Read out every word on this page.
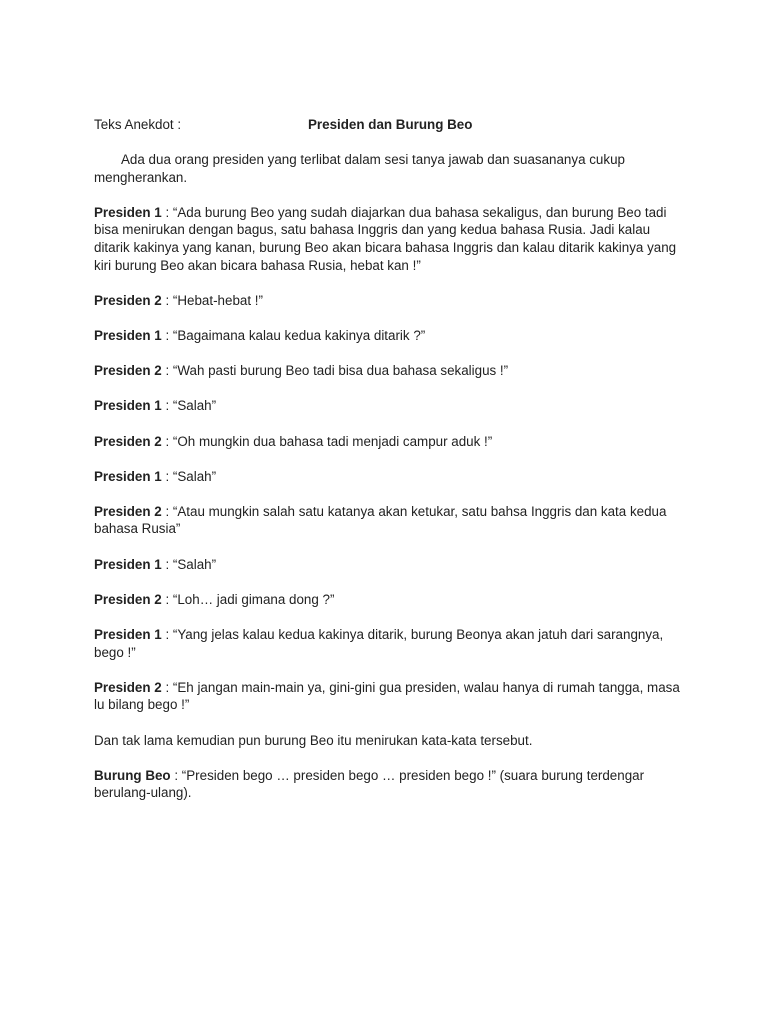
Teks Anekdot :	Presiden dan Burung Beo

Ada dua orang presiden yang terlibat dalam sesi tanya jawab dan suasananya cukup mengherankan.

Presiden 1 : “Ada burung Beo yang sudah diajarkan dua bahasa sekaligus, dan burung Beo tadi bisa menirukan dengan bagus, satu bahasa Inggris dan yang kedua bahasa Rusia. Jadi kalau ditarik kakinya yang kanan, burung Beo akan bicara bahasa Inggris dan kalau ditarik kakinya yang kiri burung Beo akan bicara bahasa Rusia, hebat kan !”

Presiden 2 : “Hebat-hebat !”

Presiden 1 : “Bagaimana kalau kedua kakinya ditarik ?”

Presiden 2 : “Wah pasti burung Beo tadi bisa dua bahasa sekaligus !”

Presiden 1 : “Salah”

Presiden 2 : “Oh mungkin dua bahasa tadi menjadi campur aduk !”

Presiden 1 : “Salah”

Presiden 2 : “Atau mungkin salah satu katanya akan ketukar, satu bahsa Inggris dan kata kedua bahasa Rusia”

Presiden 1 : “Salah”

Presiden 2 : “Loh… jadi gimana dong ?”

Presiden 1 : “Yang jelas kalau kedua kakinya ditarik, burung Beonya akan jatuh dari sarangnya, bego !”

Presiden 2 : “Eh jangan main-main ya, gini-gini gua presiden, walau hanya di rumah tangga, masa lu bilang bego !”

Dan tak lama kemudian pun burung Beo itu menirukan kata-kata tersebut.

Burung Beo : “Presiden bego … presiden bego … presiden bego !” (suara burung terdengar berulang-ulang).
